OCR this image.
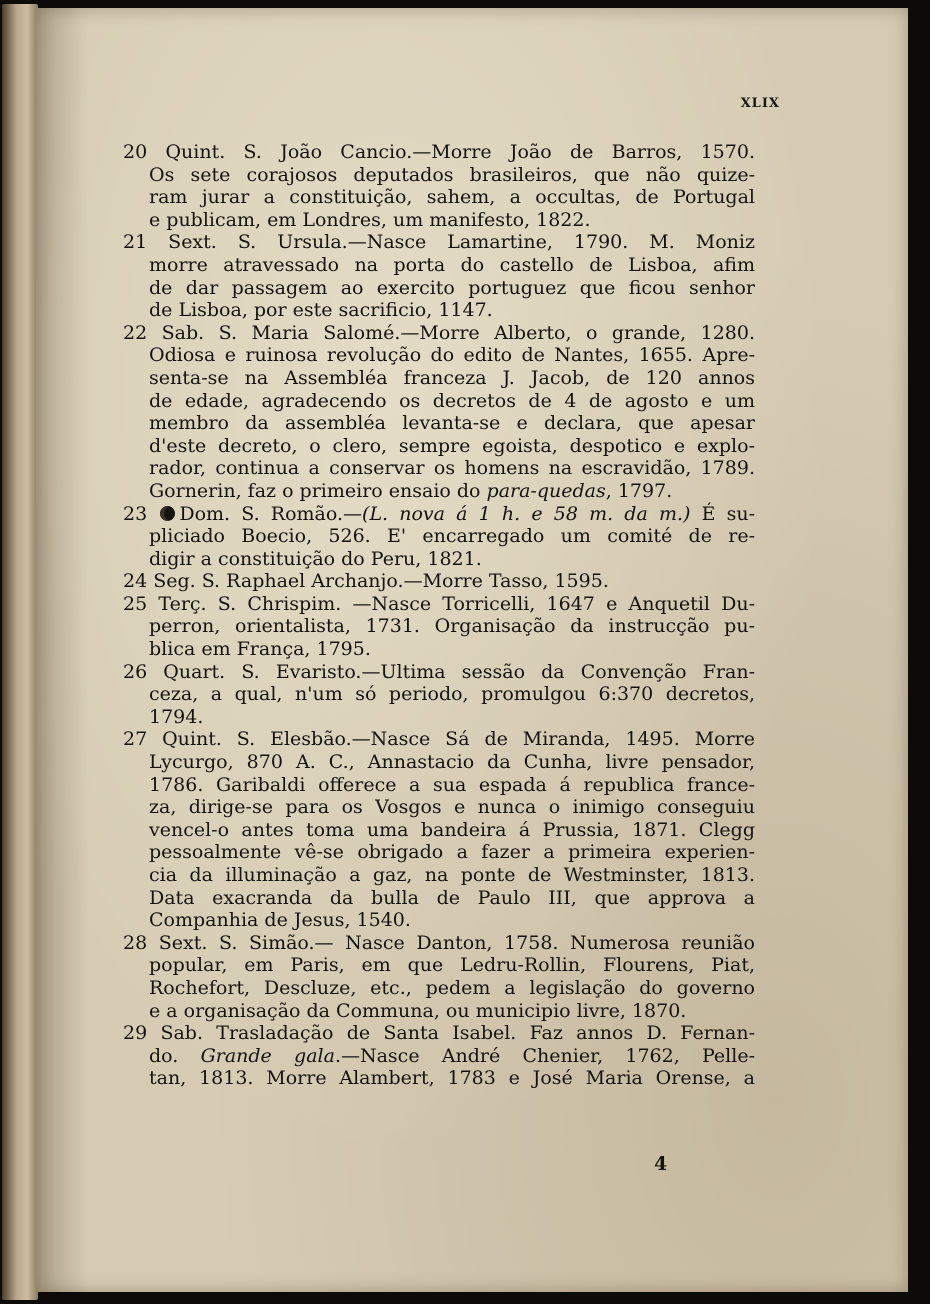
XLIX
20 Quint. S. João Cancio.—Morre João de Barros, 1570.
Os sete corajosos deputados brasileiros, que não quize-
ram jurar a constituição, sahem, a occultas, de Portugal
e publicam, em Londres, um manifesto, 1822.
21 Sext. S. Ursula.—Nasce Lamartine, 1790. M. Moniz
morre atravessado na porta do castello de Lisboa, afim
de dar passagem ao exercito portuguez que ficou senhor
de Lisboa, por este sacrificio, 1147.
22 Sab. S. Maria Salomé.—Morre Alberto, o grande, 1280.
Odiosa e ruinosa revolução do edito de Nantes, 1655. Apre-
senta-se na Assembléa franceza J. Jacob, de 120 annos
de edade, agradecendo os decretos de 4 de agosto e um
membro da assembléa levanta-se e declara, que apesar
d'este decreto, o clero, sempre egoista, despotico e explo-
rador, continua a conservar os homens na escravidão, 1789.
Gornerin, faz o primeiro ensaio do para-quedas, 1797.
23 Dom. S. Romão.—(L. nova á 1 h. e 58 m. da m.) É su-
pliciado Boecio, 526. E' encarregado um comité de re-
digir a constituição do Peru, 1821.
24 Seg. S. Raphael Archanjo.—Morre Tasso, 1595.
25 Terç. S. Chrispim. —Nasce Torricelli, 1647 e Anquetil Du-
perron, orientalista, 1731. Organisação da instrucção pu-
blica em França, 1795.
26 Quart. S. Evaristo.—Ultima sessão da Convenção Fran-
ceza, a qual, n'um só periodo, promulgou 6:370 decretos,
1794.
27 Quint. S. Elesbão.—Nasce Sá de Miranda, 1495. Morre
Lycurgo, 870 A. C., Annastacio da Cunha, livre pensador,
1786. Garibaldi offerece a sua espada á republica france-
za, dirige-se para os Vosgos e nunca o inimigo conseguiu
vencel-o antes toma uma bandeira á Prussia, 1871. Clegg
pessoalmente vê-se obrigado a fazer a primeira experien-
cia da illuminação a gaz, na ponte de Westminster, 1813.
Data exacranda da bulla de Paulo III, que approva a
Companhia de Jesus, 1540.
28 Sext. S. Simão.— Nasce Danton, 1758. Numerosa reunião
popular, em Paris, em que Ledru-Rollin, Flourens, Piat,
Rochefort, Descluze, etc., pedem a legislação do governo
e a organisação da Communa, ou municipio livre, 1870.
29 Sab. Trasladação de Santa Isabel. Faz annos D. Fernan-
do. Grande gala.—Nasce André Chenier, 1762, Pelle-
tan, 1813. Morre Alambert, 1783 e José Maria Orense, a
4
